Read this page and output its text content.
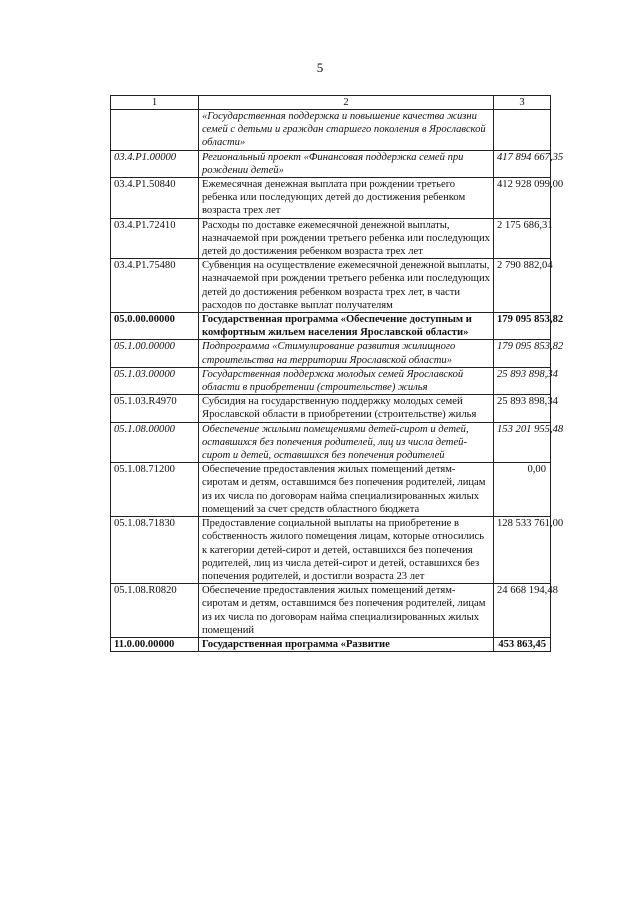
5
1	2	3
	«Государственная поддержка и повышение качества жизни семей с детьми и граждан старшего поколения в Ярославской области»	
03.4.P1.00000	Региональный проект «Финансовая поддержка семей при рождении детей»	417 894 667,35
03.4.P1.50840	Ежемесячная денежная выплата при рождении третьего ребенка или последующих детей до достижения ребенком возраста трех лет	412 928 099,00
03.4.P1.72410	Расходы по доставке ежемесячной денежной выплаты, назначаемой при рождении третьего ребенка или последующих детей до достижения ребенком возраста трех лет	2 175 686,31
03.4.P1.75480	Субвенция на осуществление ежемесячной денежной выплаты, назначаемой при рождении третьего ребенка или последующих детей до достижения ребенком возраста трех лет, в части расходов по доставке выплат получателям	2 790 882,04
05.0.00.00000	Государственная программа «Обеспечение доступным и комфортным жильем населения Ярославской области»	179 095 853,82
05.1.00.00000	Подпрограмма «Стимулирование развития жилищного строительства на территории Ярославской области»	179 095 853,82
05.1.03.00000	Государственная поддержка молодых семей Ярославской области в приобретении (строительстве) жилья	25 893 898,34
05.1.03.R4970	Субсидия на государственную поддержку молодых семей Ярославской области в приобретении (строительстве) жилья	25 893 898,34
05.1.08.00000	Обеспечение жилыми помещениями детей-сирот и детей, оставшихся без попечения родителей, лиц из числа детей-сирот и детей, оставшихся без попечения родителей	153 201 955,48
05.1.08.71200	Обеспечение предоставления жилых помещений детям-сиротам и детям, оставшимся без попечения родителей, лицам из их числа по договорам найма специализированных жилых помещений за счет средств областного бюджета	0,00
05.1.08.71830	Предоставление социальной выплаты на приобретение в собственность жилого помещения лицам, которые относились к категории детей-сирот и детей, оставшихся без попечения родителей, лиц из числа детей-сирот и детей, оставшихся без попечения родителей, и достигли возраста 23 лет	128 533 761,00
05.1.08.R0820	Обеспечение предоставления жилых помещений детям-сиротам и детям, оставшимся без попечения родителей, лицам из их числа по договорам найма специализированных жилых помещений	24 668 194,48
11.0.00.00000	Государственная программа «Развитие	453 863,45
